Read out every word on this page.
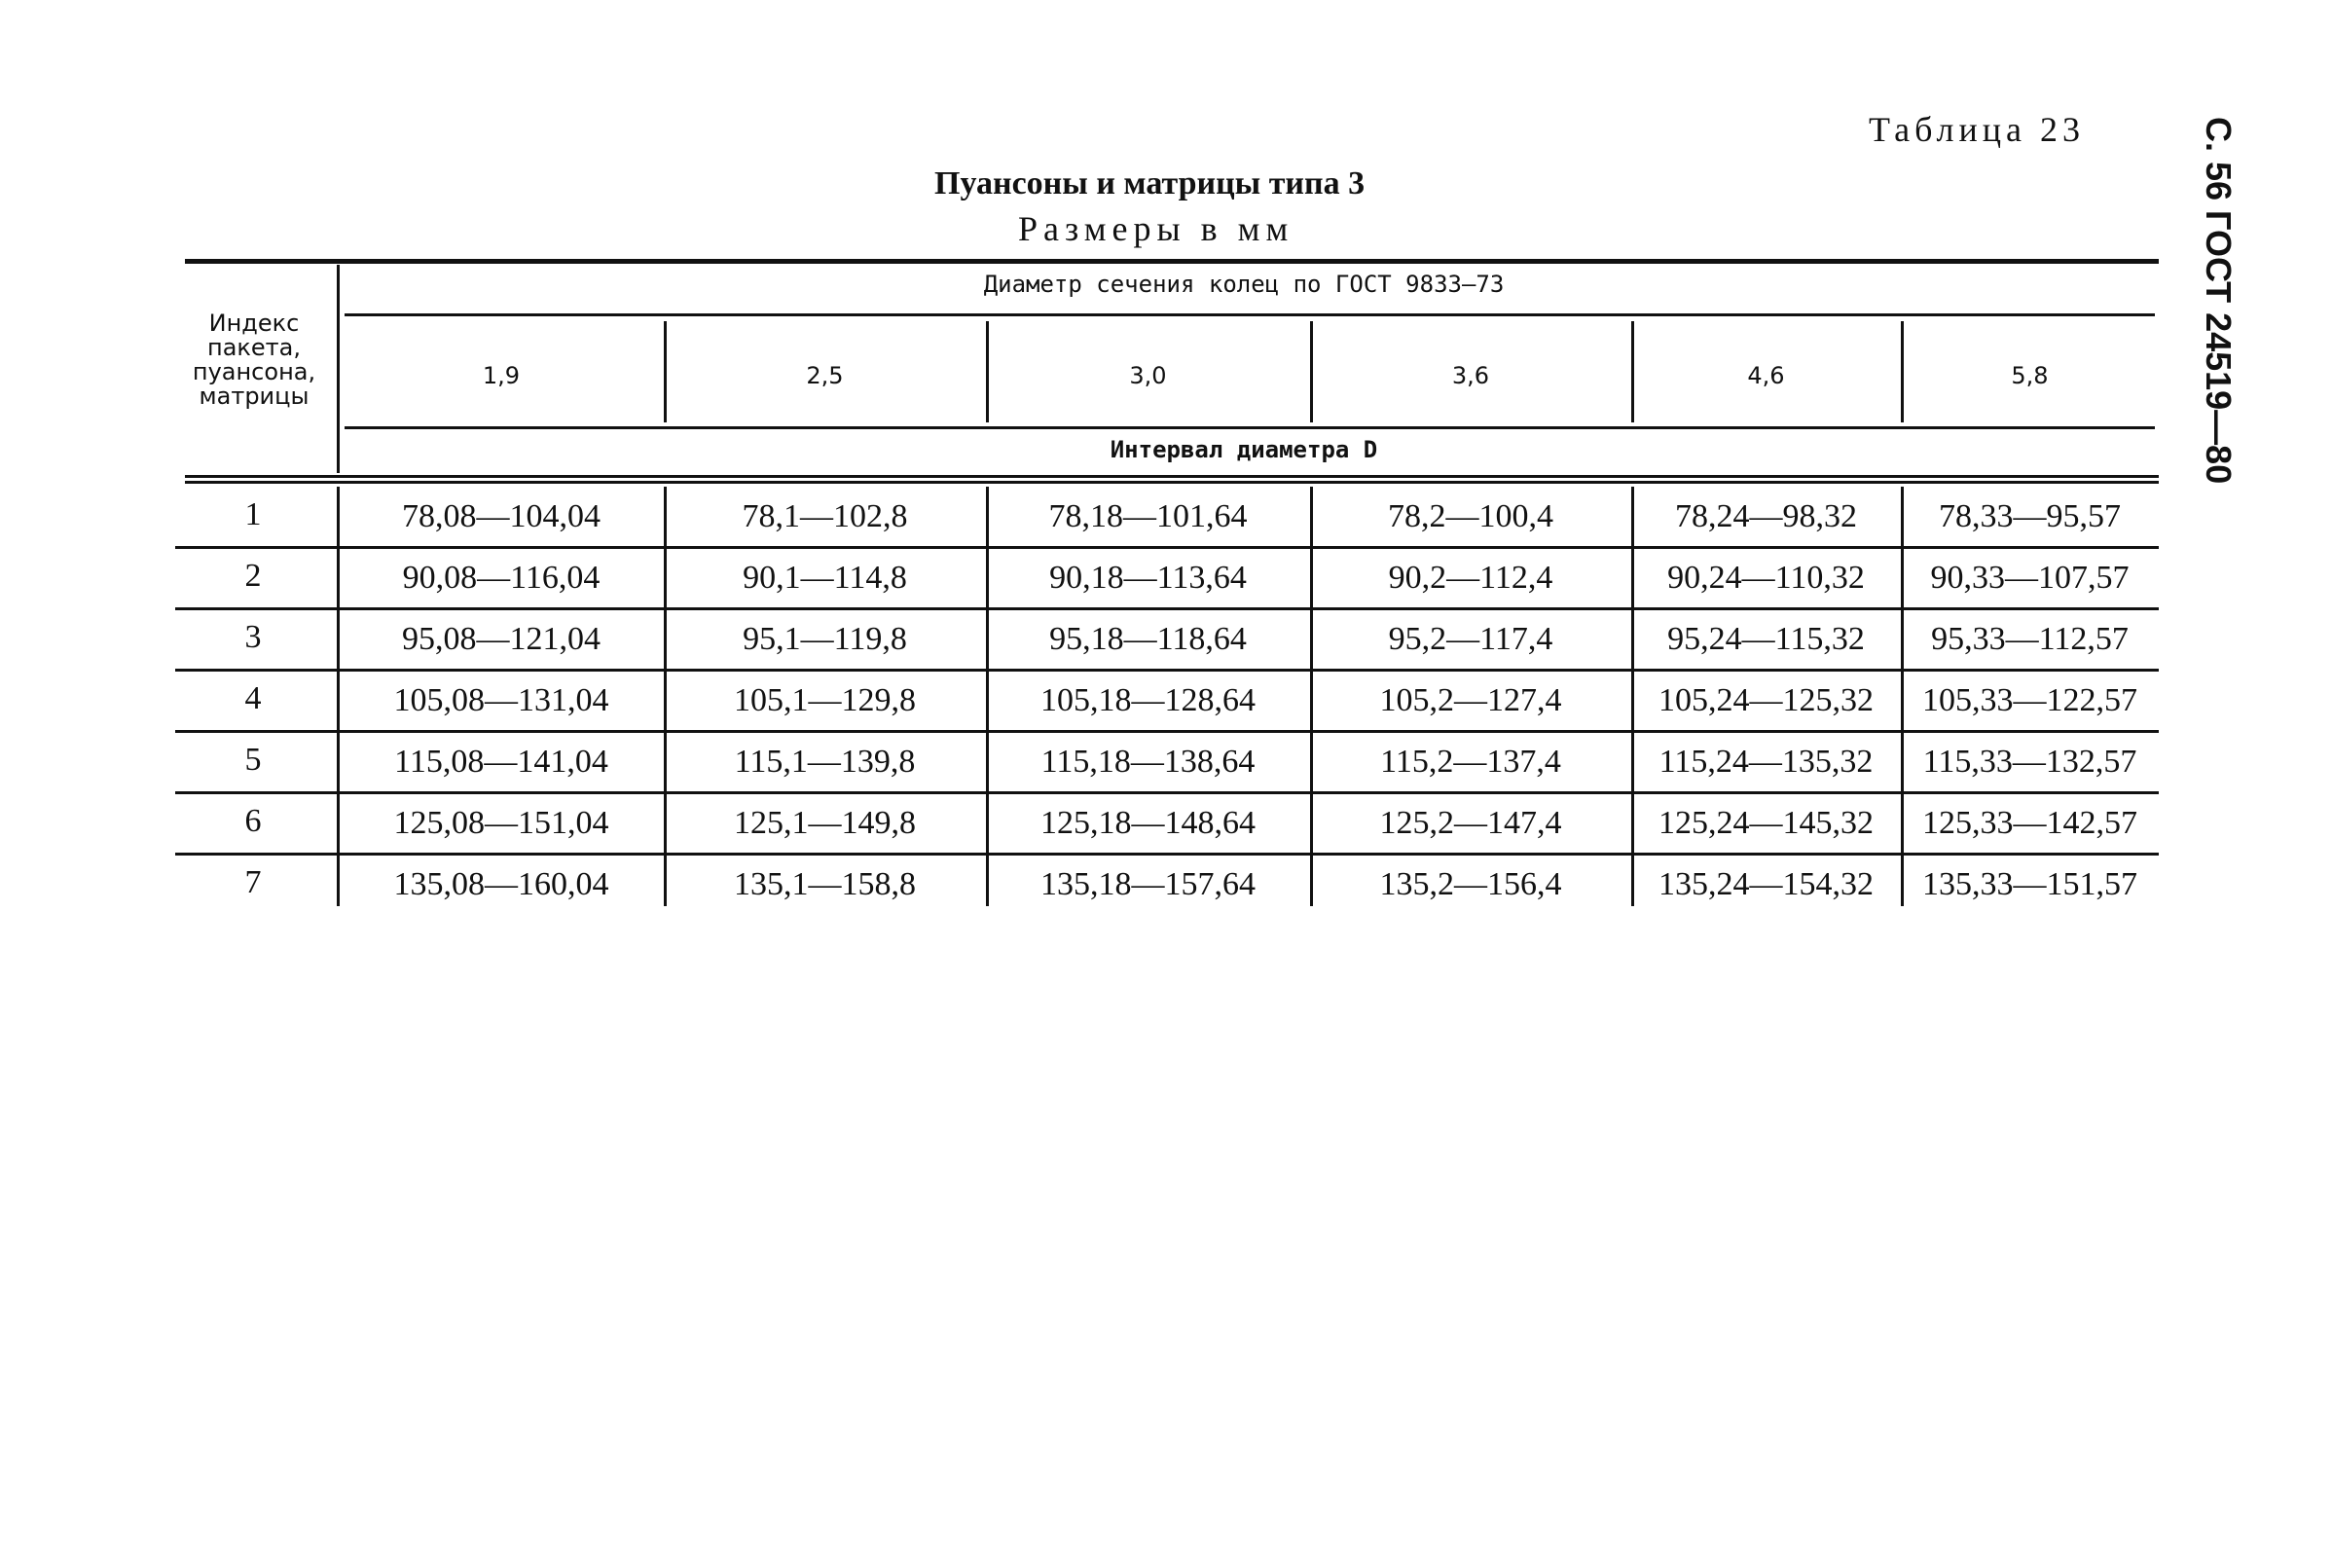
Таблица 23	С. 56 ГОСТ 24519—80
Пуансоны и матрицы типа 3
Размеры в мм
Индекс пакета, пуансона, матрицы
Диаметр сечения колец по ГОСТ 9833—73
Интервал диаметра D
1,9	2,5	3,0	3,6	4,6	5,8
1	78,08—104,04	78,1—102,8	78,18—101,64	78,2—100,4	78,24—98,32	78,33—95,57
2	90,08—116,04	90,1—114,8	90,18—113,64	90,2—112,4	90,24—110,32	90,33—107,57
3	95,08—121,04	95,1—119,8	95,18—118,64	95,2—117,4	95,24—115,32	95,33—112,57
4	105,08—131,04	105,1—129,8	105,18—128,64	105,2—127,4	105,24—125,32	105,33—122,57
5	115,08—141,04	115,1—139,8	115,18—138,64	115,2—137,4	115,24—135,32	115,33—132,57
6	125,08—151,04	125,1—149,8	125,18—148,64	125,2—147,4	125,24—145,32	125,33—142,57
7	135,08—160,04	135,1—158,8	135,18—157,64	135,2—156,4	135,24—154,32	135,33—151,57
